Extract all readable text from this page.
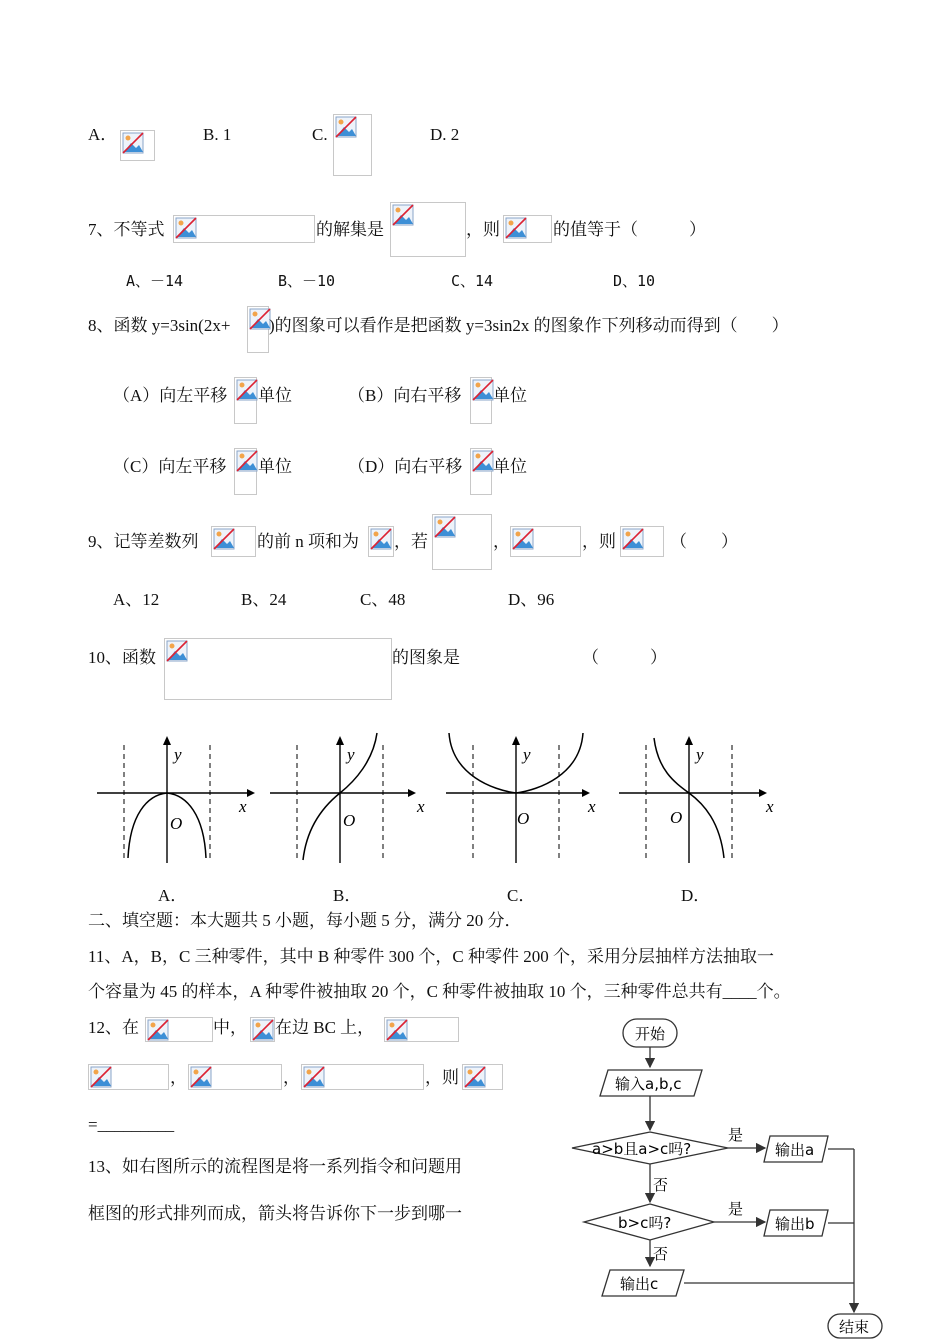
A．	B. 1	C.	D. 2
7、不等式	的解集是	，则	的值等于（　　　）
A、－14	B、－10	C、14	D、10
8、函数 y=3sin(2x+ )的图象可以看作是把函数 y=3sin2x 的图象作下列移动而得到（　　）
（A）向左平移 单位	（B）向右平移 单位
（C）向左平移 单位	（D）向右平移 单位
9、记等差数列	的前 n 项和为 ，若	，	，则	（　　）
A、12	B、24	C、48	D、96
10、函数	的图象是	（　　　）
y
x
O
y
x
O
y
x
O
y
x
O
A．	B．	C．	D．
二、填空题：本大题共 5 小题，每小题 5 分，满分 20 分．
11、A，B，C 三种零件，其中 B 种零件 300 个，C 种零件 200 个，采用分层抽样方法抽取一
个容量为 45 的样本，A 种零件被抽取 20 个，C 种零件被抽取 10 个，三种零件总共有____个。
12、在	中， 在边 BC 上，
，	，	，则
=_________
13、如右图所示的流程图是将一系列指令和问题用
框图的形式排列而成，箭头将告诉你下一步到哪一
开始
输入a,b,c
a>b且a>c吗?
是
否
输出a
b>c吗?
是
否
输出b
输出c
结束
